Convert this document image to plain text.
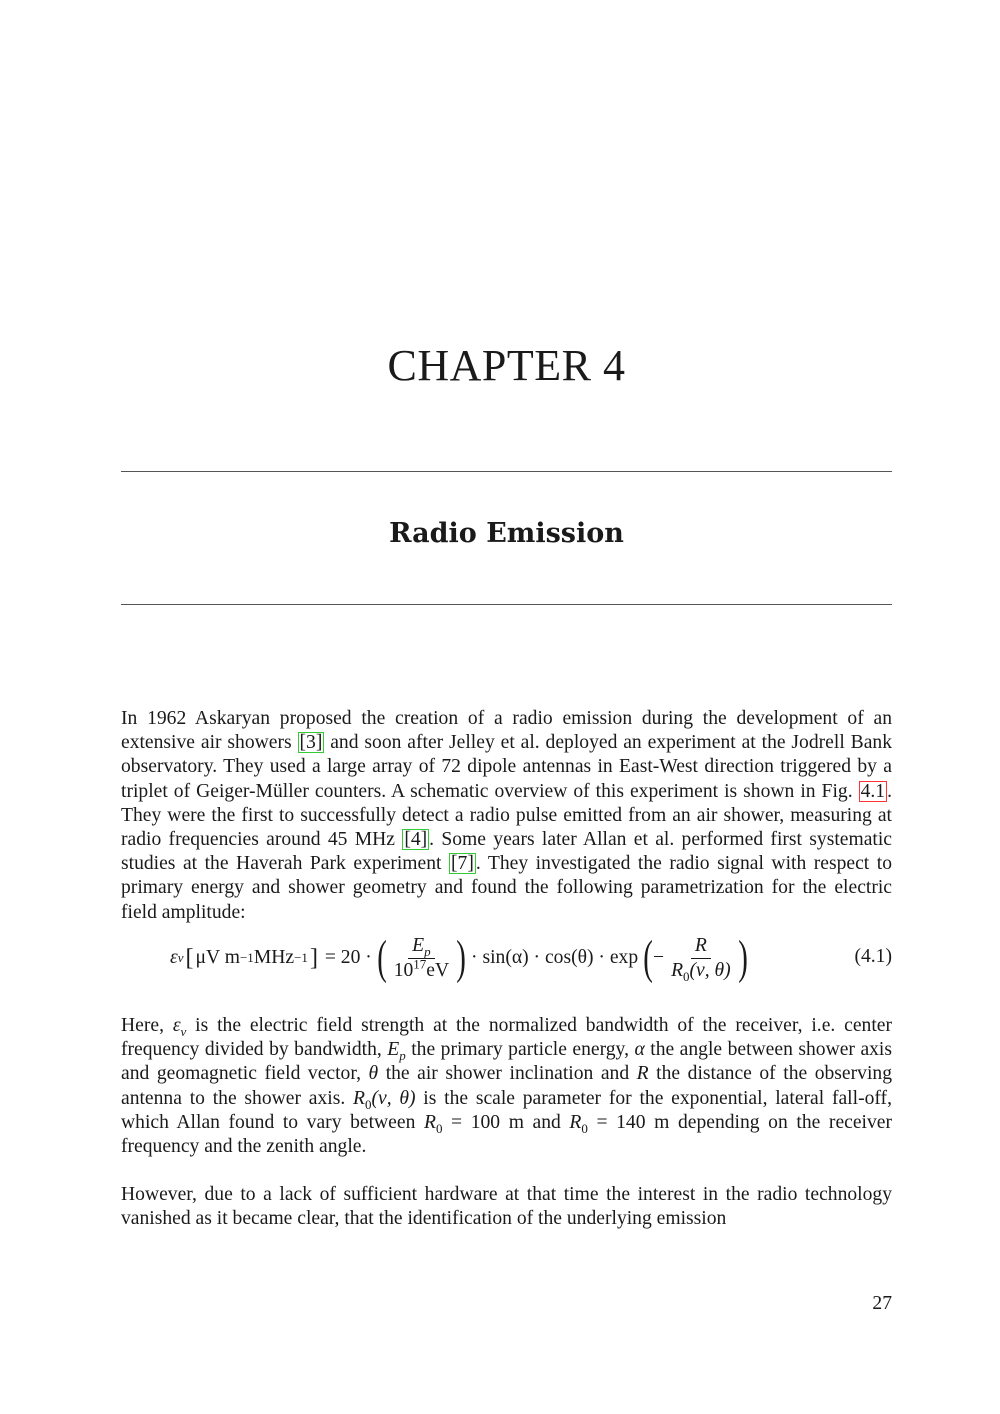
CHAPTER 4
Radio Emission

In 1962 Askaryan proposed the creation of a radio emission during the development of an extensive air showers [3] and soon after Jelley et al. deployed an experiment at the Jodrell Bank observatory. They used a large array of 72 dipole antennas in East-West direction triggered by a triplet of Geiger-Müller counters. A schematic overview of this experiment is shown in Fig. 4.1 . They were the first to successfully detect a radio pulse emitted from an air shower, measuring at radio frequencies around 45 MHz [4] . Some years later Allan et al. performed first systematic studies at the Haverah Park experiment [7] . They investigated the radio signal with respect to primary energy and shower geometry and found the following parametrization for the electric field amplitude:

ε ν [ μV m −1 MHz −1 ] = 20 · ( $\frac{E_p}{10^{17}eV}$ ) · sin(α) · cos(θ) · exp ( − $\frac{R}{R_0(\nu, \theta)}$ )	(4.1)

Here, $\varepsilon_\nu$ is the electric field strength at the normalized bandwidth of the receiver, i.e. center frequency divided by bandwidth, $E_p$ the primary particle energy, α the angle between shower axis and geomagnetic field vector, θ the air shower inclination and R the distance of the observing antenna to the shower axis. $R_0(\nu$, θ) is the scale parameter for the exponential, lateral fall-off, which Allan found to vary between $R_0 = 100$ m and $R_0 = 140$ m depending on the receiver frequency and the zenith angle.

However, due to a lack of sufficient hardware at that time the interest in the radio technology vanished as it became clear, that the identification of the underlying emission

27
